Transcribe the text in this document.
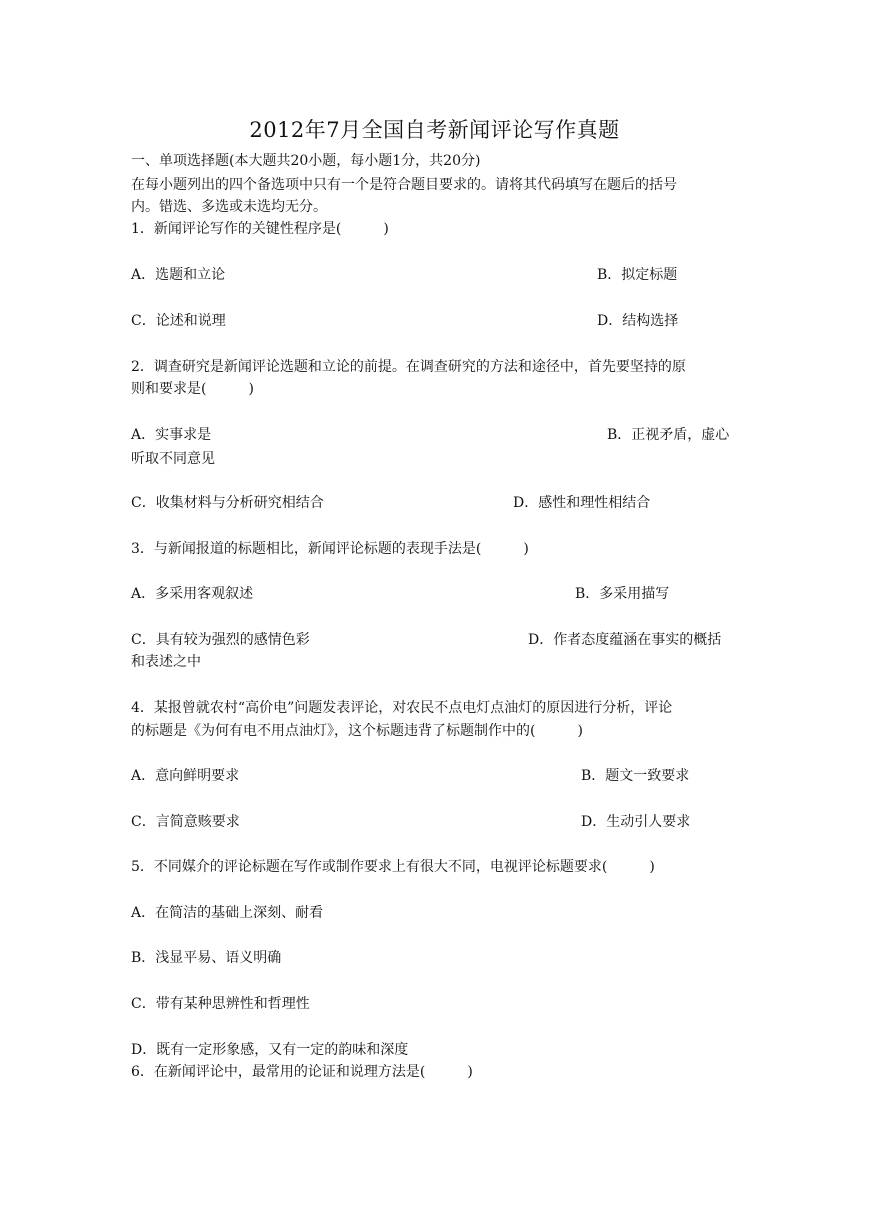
2012年7月全国自考新闻评论写作真题
一、单项选择题(本大题共20小题，每小题1分，共20分)
在每小题列出的四个备选项中只有一个是符合题目要求的。请将其代码填写在题后的括号
内。错选、多选或未选均无分。
1．新闻评论写作的关键性程序是(　　　)
A．选题和立论	B．拟定标题
C．论述和说理	D．结构选择
2．调查研究是新闻评论选题和立论的前提。在调查研究的方法和途径中，首先要坚持的原
则和要求是(　　　)
A．实事求是	B．正视矛盾，虚心
听取不同意见
C．收集材料与分析研究相结合	D．感性和理性相结合
3．与新闻报道的标题相比，新闻评论标题的表现手法是(　　　)
A．多采用客观叙述	B．多采用描写
C．具有较为强烈的感情色彩	D．作者态度蕴涵在事实的概括
和表述之中
4．某报曾就农村“高价电”问题发表评论，对农民不点电灯点油灯的原因进行分析，评论
的标题是《为何有电不用点油灯》，这个标题违背了标题制作中的(　　　)
A．意向鲜明要求	B．题文一致要求
C．言简意赅要求	D．生动引人要求
5．不同媒介的评论标题在写作或制作要求上有很大不同，电视评论标题要求(　　　)
A．在简洁的基础上深刻、耐看
B．浅显平易、语义明确
C．带有某种思辨性和哲理性
D．既有一定形象感，又有一定的韵味和深度
6．在新闻评论中，最常用的论证和说理方法是(　　　)
